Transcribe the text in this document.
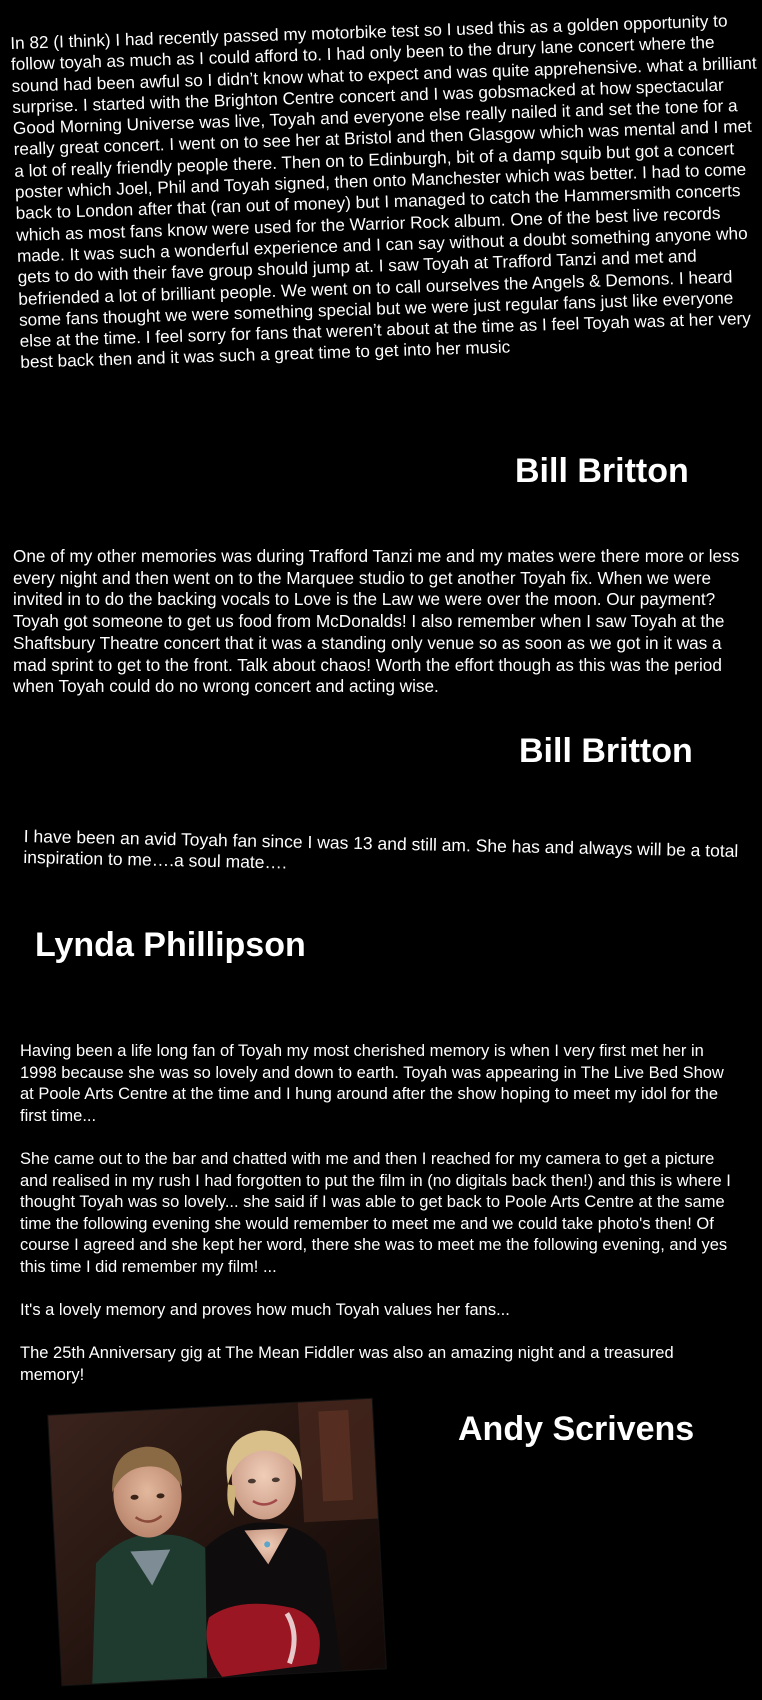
In 82 (I think) I had recently passed my motorbike test so I used this as a golden opportunity to follow toyah as much as I could afford to. I had only been to the drury lane concert where the sound had been awful so I didn’t know what to expect and was quite apprehensive. what a brilliant surprise. I started with the Brighton Centre concert and I was gobsmacked at how spectacular Good Morning Universe was live, Toyah and everyone else really nailed it and set the tone for a really great concert. I went on to see her at Bristol and then Glasgow which was mental and I met a lot of really friendly people there. Then on to Edinburgh, bit of a damp squib but got a concert poster which Joel, Phil and Toyah signed, then onto Manchester which was better. I had to come back to London after that (ran out of money) but I managed to catch the Hammersmith concerts which as most fans know were used for the Warrior Rock album. One of the best live records made. It was such a wonderful experience and I can say without a doubt something anyone who gets to do with their fave group should jump at. I saw Toyah at Trafford Tanzi and met and befriended a lot of brilliant people. We went on to call ourselves the Angels & Demons. I heard some fans thought we were something special but we were just regular fans just like everyone else at the time. I feel sorry for fans that weren’t about at the time as I feel Toyah was at her very best back then and it was such a great time to get into her music

Bill Britton

One of my other memories was during Trafford Tanzi me and my mates were there more or less every night and then went on to the Marquee studio to get another Toyah fix. When we were invited in to do the backing vocals to Love is the Law we were over the moon. Our payment? Toyah got someone to get us food from McDonalds! I also remember when I saw Toyah at the Shaftsbury Theatre concert that it was a standing only venue so as soon as we got in it was a mad sprint to get to the front. Talk about chaos! Worth the effort though as this was the period when Toyah could do no wrong concert and acting wise.

Bill Britton

I have been an avid Toyah fan since I was 13 and still am. She has and always will be a total inspiration to me….a soul mate….

Lynda Phillipson

Having been a life long fan of Toyah my most cherished memory is when I very first met her in 1998 because she was so lovely and down to earth. Toyah was appearing in The Live Bed Show at Poole Arts Centre at the time and I hung around after the show hoping to meet my idol for the first time...

She came out to the bar and chatted with me and then I reached for my camera to get a picture and realised in my rush I had forgotten to put the film in (no digitals back then!) and this is where I thought Toyah was so lovely... she said if I was able to get back to Poole Arts Centre at the same time the following evening she would remember to meet me and we could take photo's then! Of course I agreed and she kept her word, there she was to meet me the following evening, and yes this time I did remember my film! ...

It's a lovely memory and proves how much Toyah values her fans...

The 25th Anniversary gig at The Mean Fiddler was also an amazing night and a treasured memory!

Andy Scrivens
